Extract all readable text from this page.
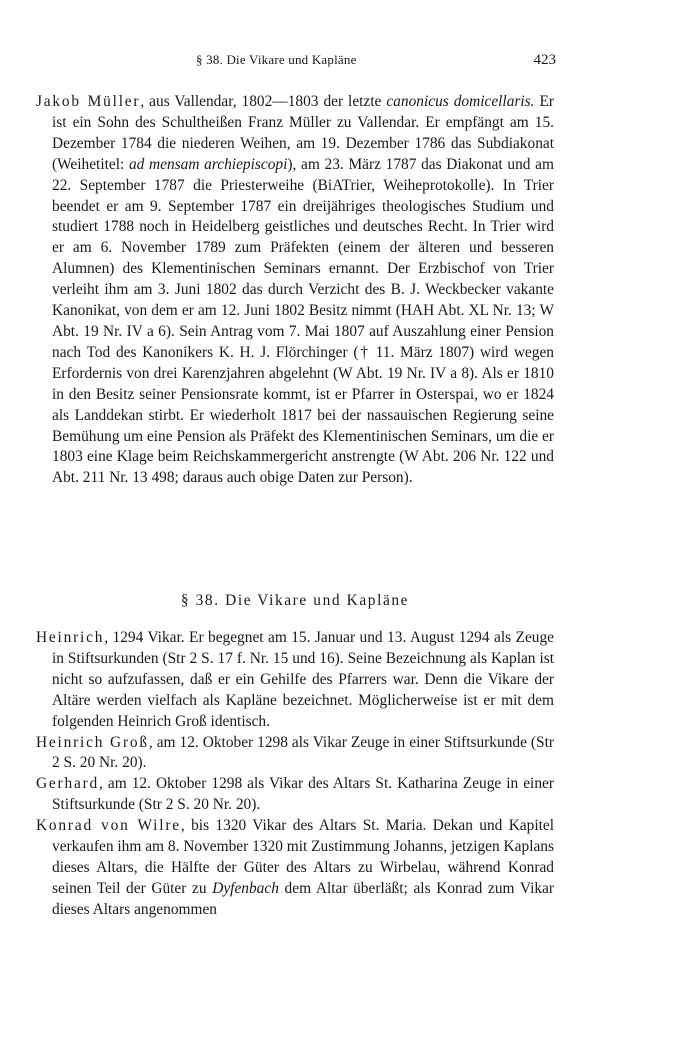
§ 38. Die Vikare und Kapläne	423

Jakob Müller, aus Vallendar, 1802—1803 der letzte canonicus domicellaris. Er ist ein Sohn des Schultheißen Franz Müller zu Vallendar. Er empfängt am 15. Dezember 1784 die niederen Weihen, am 19. Dezember 1786 das Subdiakonat (Weihetitel: ad mensam archiepiscopi), am 23. März 1787 das Diakonat und am 22. September 1787 die Priesterweihe (BiATrier, Weiheprotokolle). In Trier beendet er am 9. September 1787 ein dreijähriges theologisches Studium und studiert 1788 noch in Heidelberg geistliches und deutsches Recht. In Trier wird er am 6. November 1789 zum Präfekten (einem der älteren und besseren Alumnen) des Klementinischen Seminars ernannt. Der Erzbischof von Trier verleiht ihm am 3. Juni 1802 das durch Verzicht des B. J. Weckbecker vakante Kanonikat, von dem er am 12. Juni 1802 Besitz nimmt (HAH Abt. XL Nr. 13; W Abt. 19 Nr. IV a 6). Sein Antrag vom 7. Mai 1807 auf Auszahlung einer Pension nach Tod des Kanonikers K. H. J. Flörchinger († 11. März 1807) wird wegen Erfordernis von drei Karenzjahren abgelehnt (W Abt. 19 Nr. IV a 8). Als er 1810 in den Besitz seiner Pensionsrate kommt, ist er Pfarrer in Osterspai, wo er 1824 als Landdekan stirbt. Er wiederholt 1817 bei der nassauischen Regierung seine Bemühung um eine Pension als Präfekt des Klementinischen Seminars, um die er 1803 eine Klage beim Reichskammergericht anstrengte (W Abt. 206 Nr. 122 und Abt. 211 Nr. 13 498; daraus auch obige Daten zur Person).

§ 38. Die Vikare und Kapläne

Heinrich, 1294 Vikar. Er begegnet am 15. Januar und 13. August 1294 als Zeuge in Stiftsurkunden (Str 2 S. 17 f. Nr. 15 und 16). Seine Bezeichnung als Kaplan ist nicht so aufzufassen, daß er ein Gehilfe des Pfarrers war. Denn die Vikare der Altäre werden vielfach als Kapläne bezeichnet. Möglicherweise ist er mit dem folgenden Heinrich Groß identisch.

Heinrich Groß, am 12. Oktober 1298 als Vikar Zeuge in einer Stiftsurkunde (Str 2 S. 20 Nr. 20).

Gerhard, am 12. Oktober 1298 als Vikar des Altars St. Katharina Zeuge in einer Stiftsurkunde (Str 2 S. 20 Nr. 20).

Konrad von Wilre, bis 1320 Vikar des Altars St. Maria. Dekan und Kapitel verkaufen ihm am 8. November 1320 mit Zustimmung Johanns, jetzigen Kaplans dieses Altars, die Hälfte der Güter des Altars zu Wirbelau, während Konrad seinen Teil der Güter zu Dyfenbach dem Altar überläßt; als Konrad zum Vikar dieses Altars angenommen
